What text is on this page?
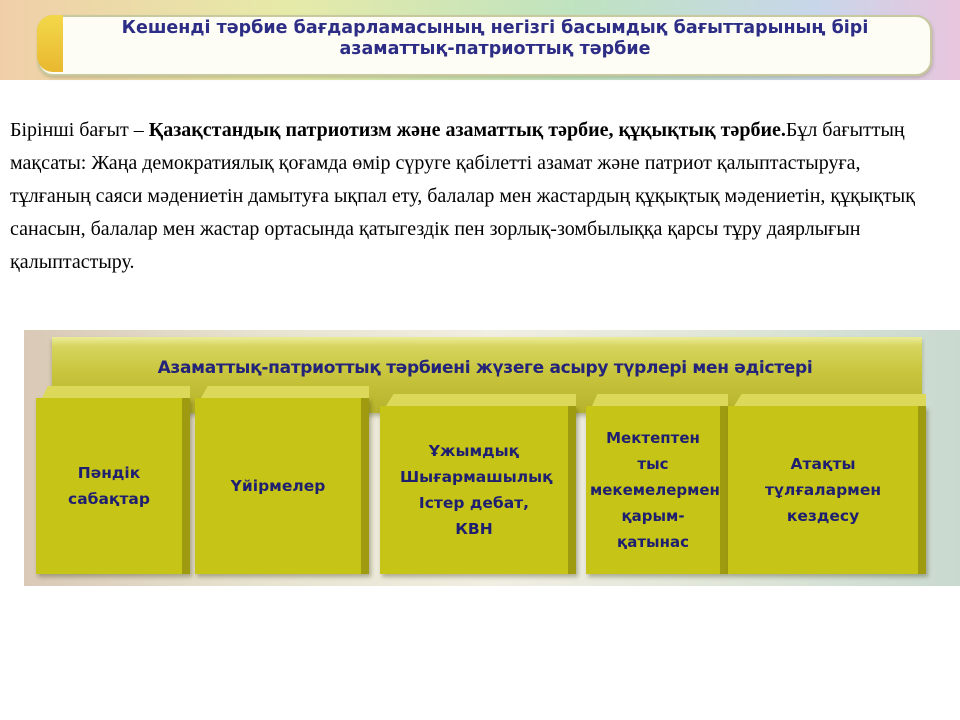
Кешенді тәрбие бағдарламасының негізгі басымдық бағыттарының бірі азаматтық-патриоттық тәрбие

Бірінші бағыт – Қазақстандық патриотизм және азаматтық тәрбие, құқықтық тәрбие.Бұл бағыттың мақсаты: Жаңа демократиялық қоғамда өмір сүруге қабілетті азамат және патриот қалыптастыруға, тұлғаның саяси мәдениетін дамытуға ықпал ету, балалар мен жастардың құқықтық мәдениетін, құқықтық санасын, балалар мен жастар ортасында қатыгездік пен зорлық-зомбылыққа қарсы тұру даярлығын қалыптастыру.

Азаматтық-патриоттық тәрбиені жүзеге асыру түрлері мен әдістері

Пәндік сабақтар

Үйірмелер

Ұжымдық Шығармашылық Істер дебат, КВН

Мектептен тыс мекемелермен қарым-қатынас

Атақты тұлғалармен кездесу
